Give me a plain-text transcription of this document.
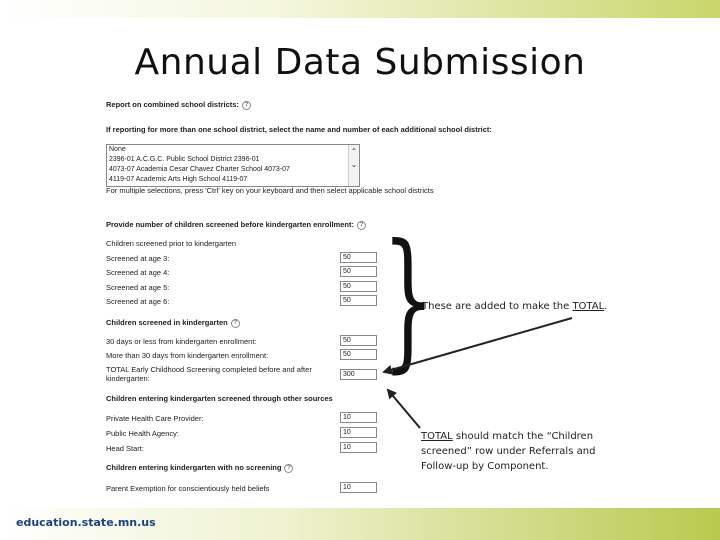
Annual Data Submission
Report on combined school districts: ?
If reporting for more than one school district, select the name and number of each additional school district:
None
2396-01 A.C.G.C. Public School District 2396-01
4073-07 Academia Cesar Chavez Charter School 4073-07
4119-07 Academic Arts High School 4119-07
⌃
⌄
For multiple selections, press 'Ctrl' key on your keyboard and then select applicable school districts
Provide number of children screened before kindergarten enrollment: ?
Children screened prior to kindergarten
Screened at age 3:	50
Screened at age 4:	50
Screened at age 5:	50
Screened at age 6:	50
Children screened in kindergarten ?
30 days or less from kindergarten enrollment:	50
More than 30 days from kindergarten enrollment:	50
TOTAL Early Childhood Screening completed before and after
kindergarten:	300
Children entering kindergarten screened through other sources
Private Health Care Provider:	10
Public Health Agency:	10
Head Start:	10
Children entering kindergarten with no screening ?
Parent Exemption for conscientiously held beliefs	10
}
These are added to make the TOTAL.
TOTAL should match the “Children
screened” row under Referrals and
Follow-up by Component.
education.state.mn.us
